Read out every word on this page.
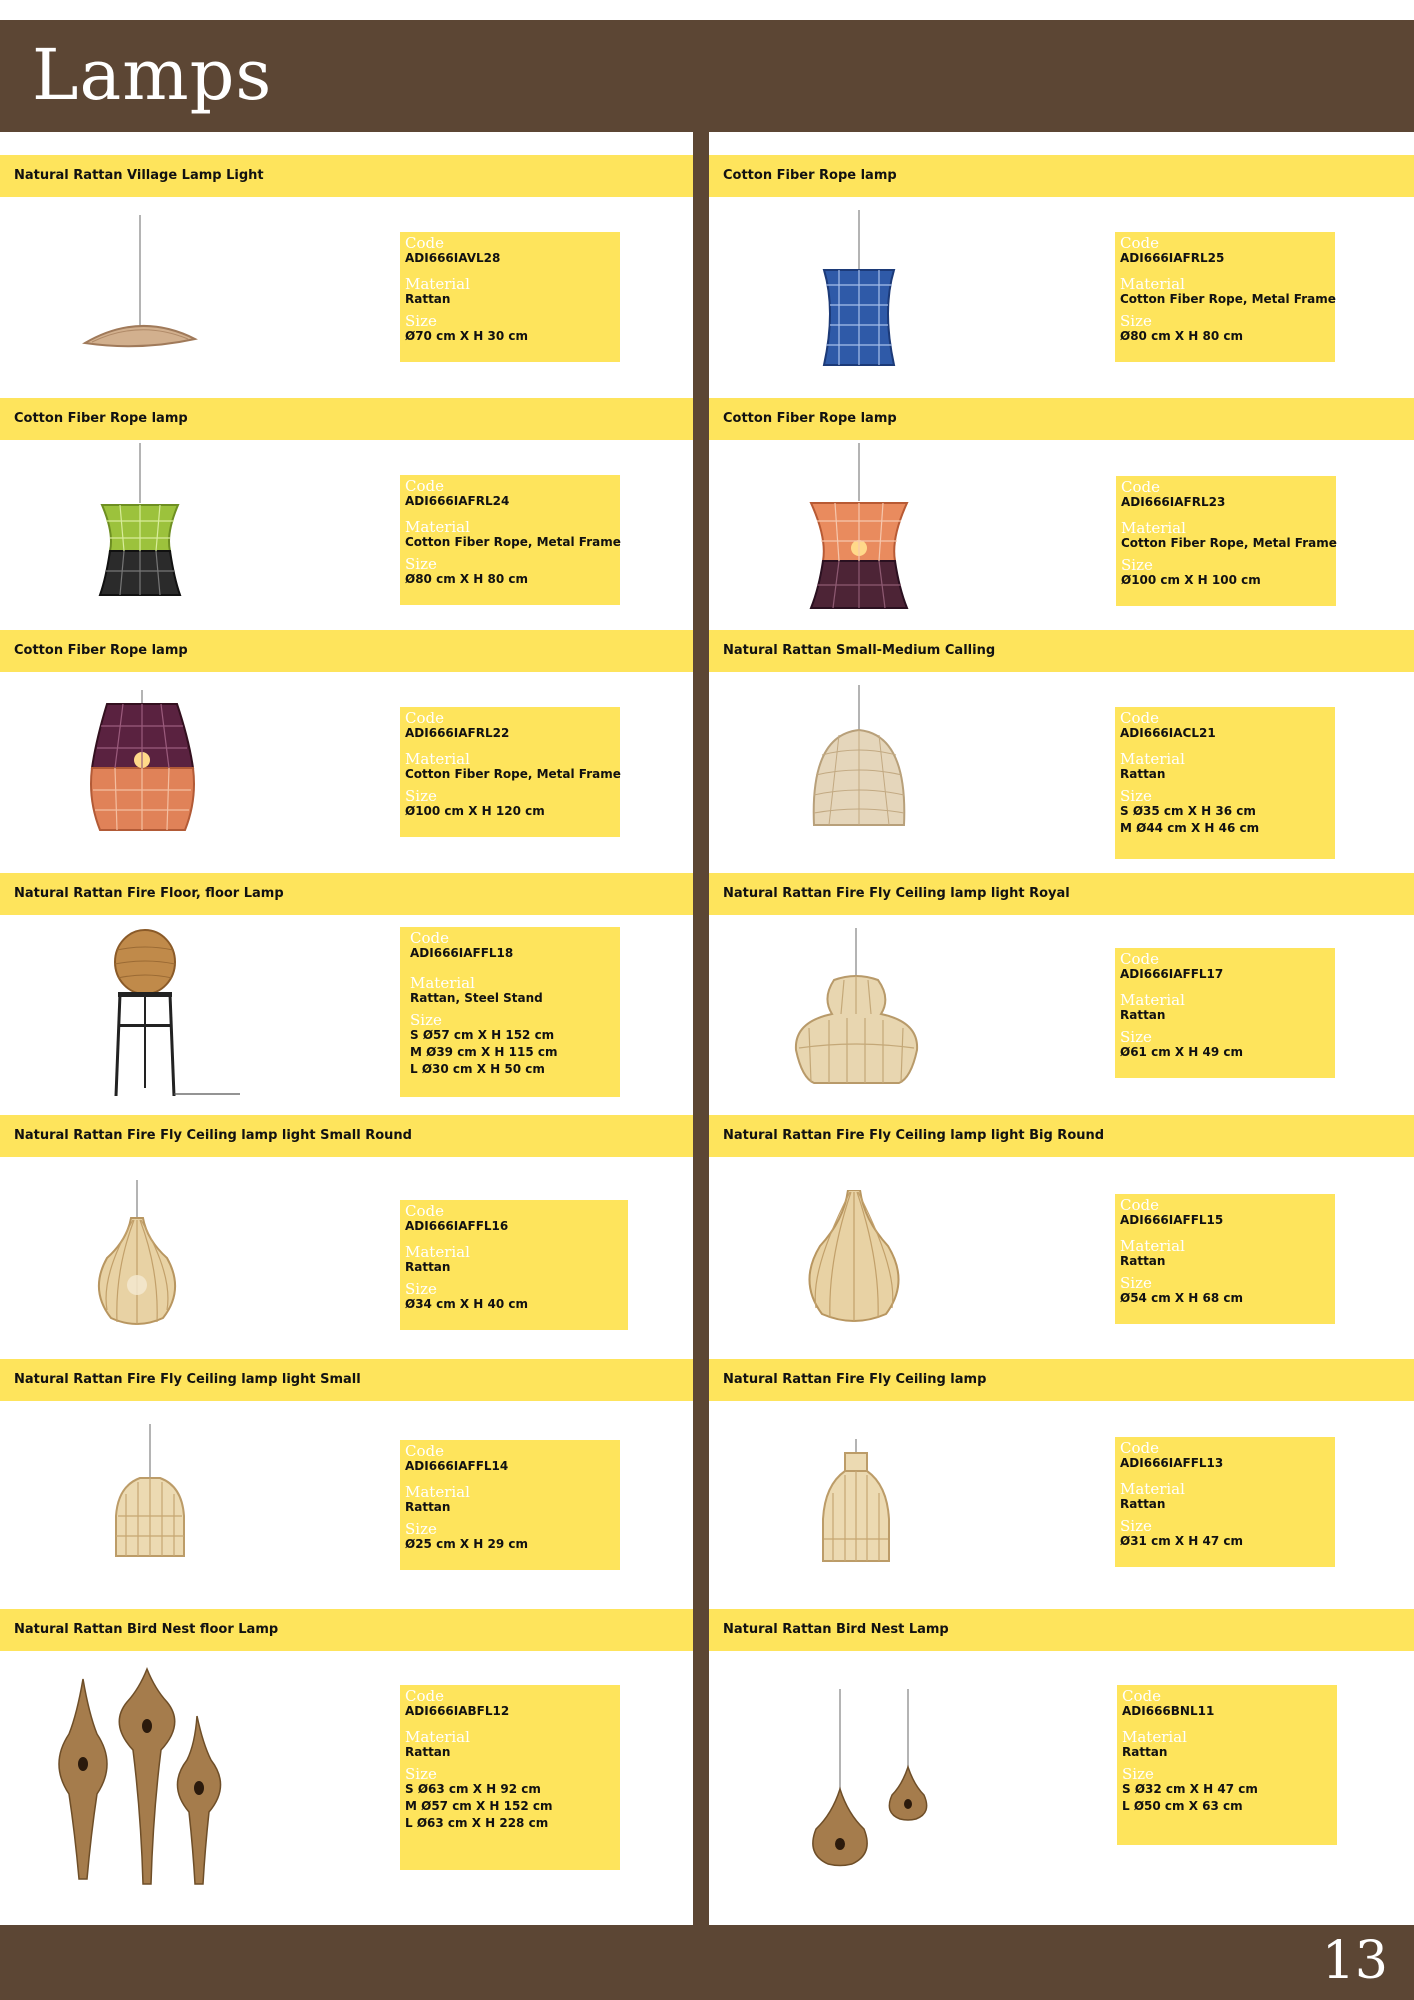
Lamps
Natural Rattan Village Lamp Light
Code
ADI666IAVL28
Material
Rattan
Size
Ø70 cm X H 30 cm
Cotton Fiber Rope lamp
Code
ADI666IAFRL25
Material
Cotton Fiber Rope, Metal Frame
Size
Ø80 cm X H 80 cm
Cotton Fiber Rope lamp
Code
ADI666IAFRL24
Material
Cotton Fiber Rope, Metal Frame
Size
Ø80 cm X H 80 cm
Cotton Fiber Rope lamp
Code
ADI666IAFRL23
Material
Cotton Fiber Rope, Metal Frame
Size
Ø100 cm X H 100 cm
Cotton Fiber Rope lamp
Code
ADI666IAFRL22
Material
Cotton Fiber Rope, Metal Frame
Size
Ø100 cm X H 120 cm
Natural Rattan Small-Medium Calling
Code
ADI666IACL21
Material
Rattan
Size
S Ø35 cm X H 36 cm
M Ø44 cm X H 46 cm
Natural Rattan Fire Floor, floor Lamp
Code
ADI666IAFFL18
Material
Rattan, Steel Stand
Size
S Ø57 cm X H 152 cm
M Ø39 cm X H 115 cm
L Ø30 cm X H 50 cm
Natural Rattan Fire Fly Ceiling lamp light Royal
Code
ADI666IAFFL17
Material
Rattan
Size
Ø61 cm X H 49 cm
Natural Rattan Fire Fly Ceiling lamp light Small Round
Code
ADI666IAFFL16
Material
Rattan
Size
Ø34 cm X H 40 cm
Natural Rattan Fire Fly Ceiling lamp light Big Round
Code
ADI666IAFFL15
Material
Rattan
Size
Ø54 cm X H 68 cm
Natural Rattan Fire Fly Ceiling lamp light Small
Code
ADI666IAFFL14
Material
Rattan
Size
Ø25 cm X H 29 cm
Natural Rattan Fire Fly Ceiling lamp
Code
ADI666IAFFL13
Material
Rattan
Size
Ø31 cm X H 47 cm
Natural Rattan Bird Nest floor Lamp
Code
ADI666IABFL12
Material
Rattan
Size
S Ø63 cm X H 92 cm
M Ø57 cm X H 152 cm
L Ø63 cm X H 228 cm
Natural Rattan Bird Nest Lamp
Code
ADI666BNL11
Material
Rattan
Size
S Ø32 cm X H 47 cm
L Ø50 cm X 63 cm
13
